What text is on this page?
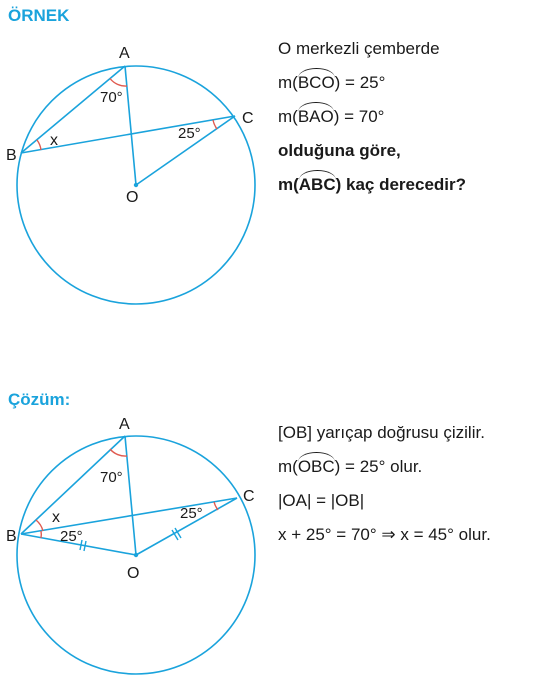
ÖRNEK
A
B
C
O
x
70°
25°
O merkezli çemberde
m(BCO) = 25°
m(BAO) = 70°
olduğuna göre,
m(ABC) kaç derecedir?
Çözüm:
A
B
C
O
x
70°
25°
25°
[OB] yarıçap doğrusu çizilir.
m(OBC) = 25° olur.
|OA| = |OB|
x + 25° = 70° ⇒ x = 45° olur.
